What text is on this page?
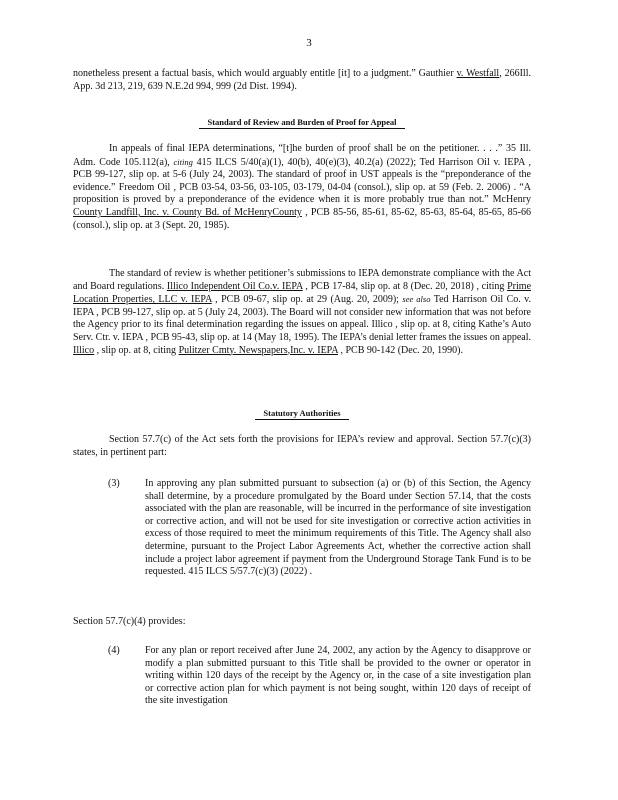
3

nonetheless present a factual basis, which would arguably entitle [it] to a judgment.” Gauthier v. Westfall, 266Ill. App. 3d 213, 219, 639 N.E.2d 994, 999 (2d Dist. 1994).

Standard of Review and Burden of Proof for Appeal

In appeals of final IEPA determinations, “[t]he burden of proof shall be on the petitioner. . . .” 35 Ill. Adm. Code 105.112(a), citing 415 ILCS 5/40(a)(1), 40(b), 40(e)(3), 40.2(a) (2022); Ted Harrison Oil v. IEPA , PCB 99-127, slip op. at 5-6 (July 24, 2003). The standard of proof in UST appeals is the “preponderance of the evidence.” Freedom Oil , PCB 03-54, 03-56, 03-105, 03-179, 04-04 (consol.), slip op. at 59 (Feb. 2. 2006) . “A proposition is proved by a preponderance of the evidence when it is more probably true than not.” McHenry County Landfill, Inc. v. County Bd. of McHenryCounty , PCB 85-56, 85-61, 85-62, 85-63, 85-64, 85-65, 85-66 (consol.), slip op. at 3 (Sept. 20, 1985).

The standard of review is whether petitioner’s submissions to IEPA demonstrate compliance with the Act and Board regulations. Illico Independent Oil Co.v. IEPA , PCB 17-84, slip op. at 8 (Dec. 20, 2018) , citing Prime Location Properties, LLC v. IEPA , PCB 09-67, slip op. at 29 (Aug. 20, 2009); see also Ted Harrison Oil Co. v. IEPA , PCB 99-127, slip op. at 5 (July 24, 2003). The Board will not consider new information that was not before the Agency prior to its final determination regarding the issues on appeal. Illico , slip op. at 8, citing Kathe’s Auto Serv. Ctr. v. IEPA , PCB 95-43, slip op. at 14 (May 18, 1995). The IEPA’s denial letter frames the issues on appeal. Illico , slip op. at 8, citing Pulitzer Cmty. Newspapers,Inc. v. IEPA , PCB 90-142 (Dec. 20, 1990).

Statutory Authorities

Section 57.7(c) of the Act sets forth the provisions for IEPA’s review and approval. Section 57.7(c)(3) states, in pertinent part:

(3)	In approving any plan submitted pursuant to subsection (a) or (b) of this Section, the Agency shall determine, by a procedure promulgated by the Board under Section 57.14, that the costs associated with the plan are reasonable, will be incurred in the performance of site investigation or corrective action, and will not be used for site investigation or corrective action activities in excess of those required to meet the minimum requirements of this Title. The Agency shall also determine, pursuant to the Project Labor Agreements Act, whether the corrective action shall include a project labor agreement if payment from the Underground Storage Tank Fund is to be requested. 415 ILCS 5/57.7(c)(3) (2022) .

Section 57.7(c)(4) provides:

(4)	For any plan or report received after June 24, 2002, any action by the Agency to disapprove or modify a plan submitted pursuant to this Title shall be provided to the owner or operator in writing within 120 days of the receipt by the Agency or, in the case of a site investigation plan or corrective action plan for which payment is not being sought, within 120 days of receipt of the site investigation
